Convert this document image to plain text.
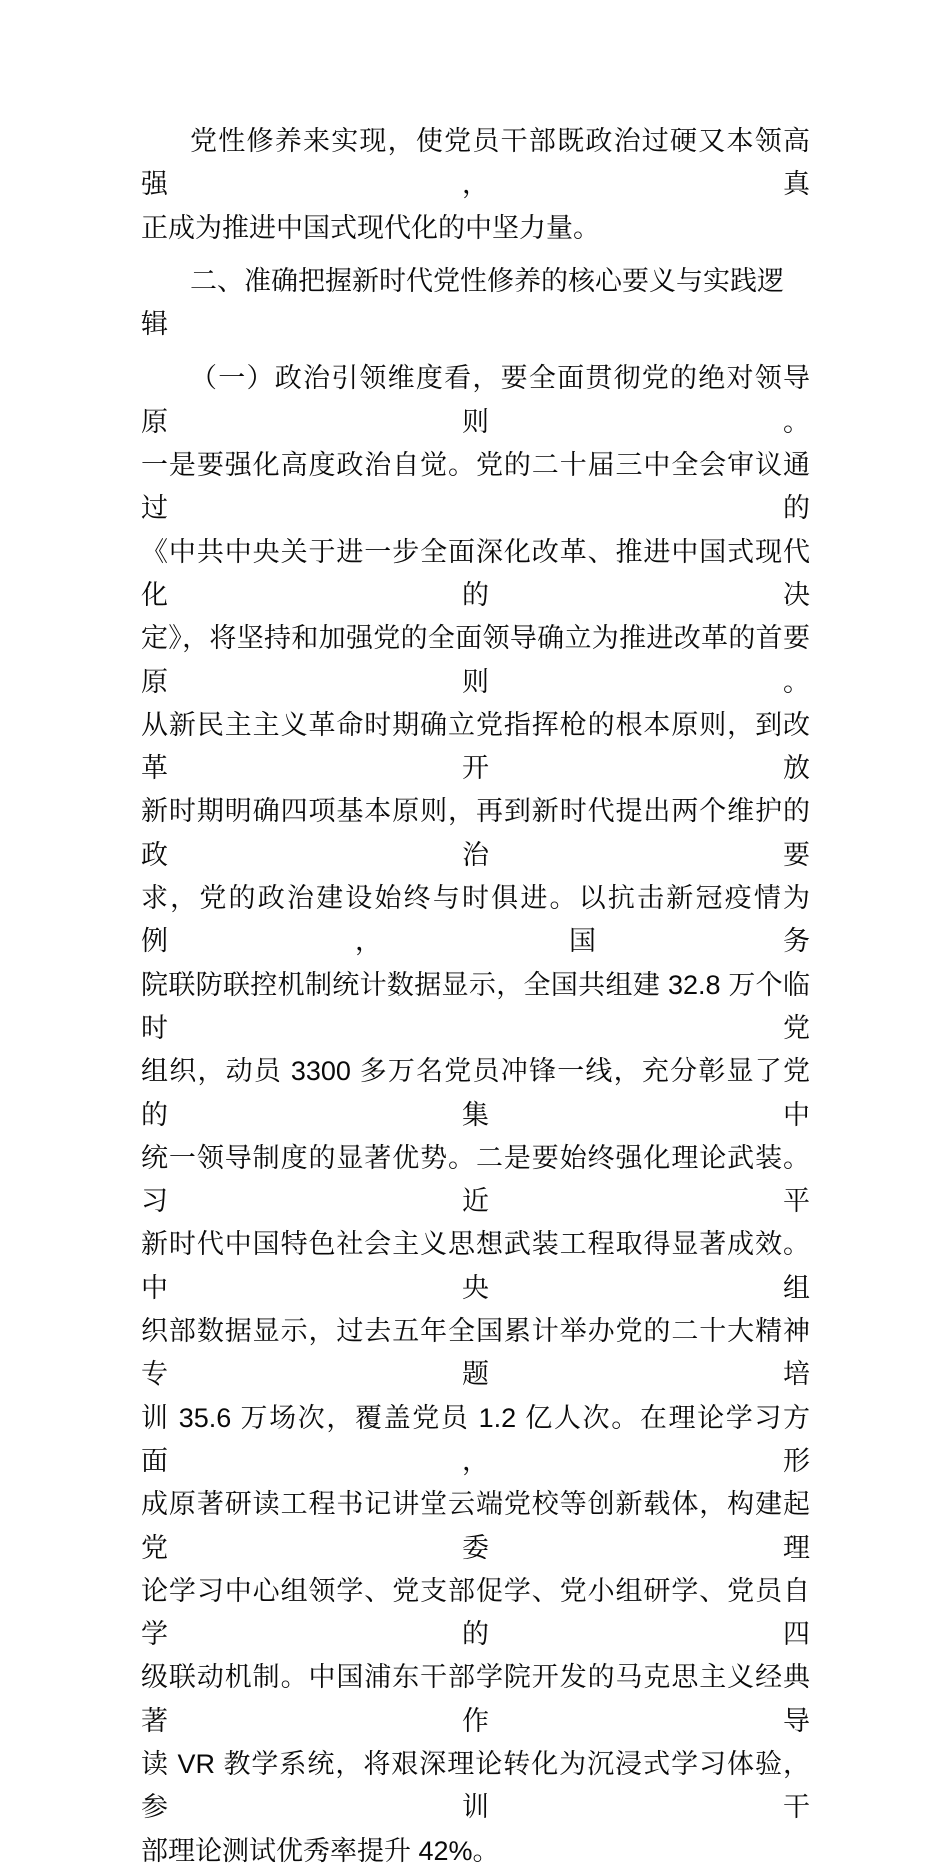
党性修养来实现，使党员干部既政治过硬又本领高强，真
正成为推进中国式现代化的中坚力量。
二、准确把握新时代党性修养的核心要义与实践逻辑
（一）政治引领维度看，要全面贯彻党的绝对领导原则。
一是要强化高度政治自觉。党的二十届三中全会审议通过的
《中共中央关于进一步全面深化改革、推进中国式现代化的决
定》，将坚持和加强党的全面领导确立为推进改革的首要原则。
从新民主主义革命时期确立党指挥枪的根本原则，到改革开放
新时期明确四项基本原则，再到新时代提出两个维护的政治要
求，党的政治建设始终与时俱进。以抗击新冠疫情为例，国务
院联防联控机制统计数据显示，全国共组建 32.8 万个临时党
组织，动员 3300 多万名党员冲锋一线，充分彰显了党的集中
统一领导制度的显著优势。二是要始终强化理论武装。习近平
新时代中国特色社会主义思想武装工程取得显著成效。中央组
织部数据显示，过去五年全国累计举办党的二十大精神专题培
训 35.6 万场次，覆盖党员 1.2 亿人次。在理论学习方面，形
成原著研读工程书记讲堂云端党校等创新载体，构建起党委理
论学习中心组领学、党支部促学、党小组研学、党员自学的四
级联动机制。中国浦东干部学院开发的马克思主义经典著作导
读 VR 教学系统，将艰深理论转化为沉浸式学习体验，参训干
部理论测试优秀率提升 42%。
